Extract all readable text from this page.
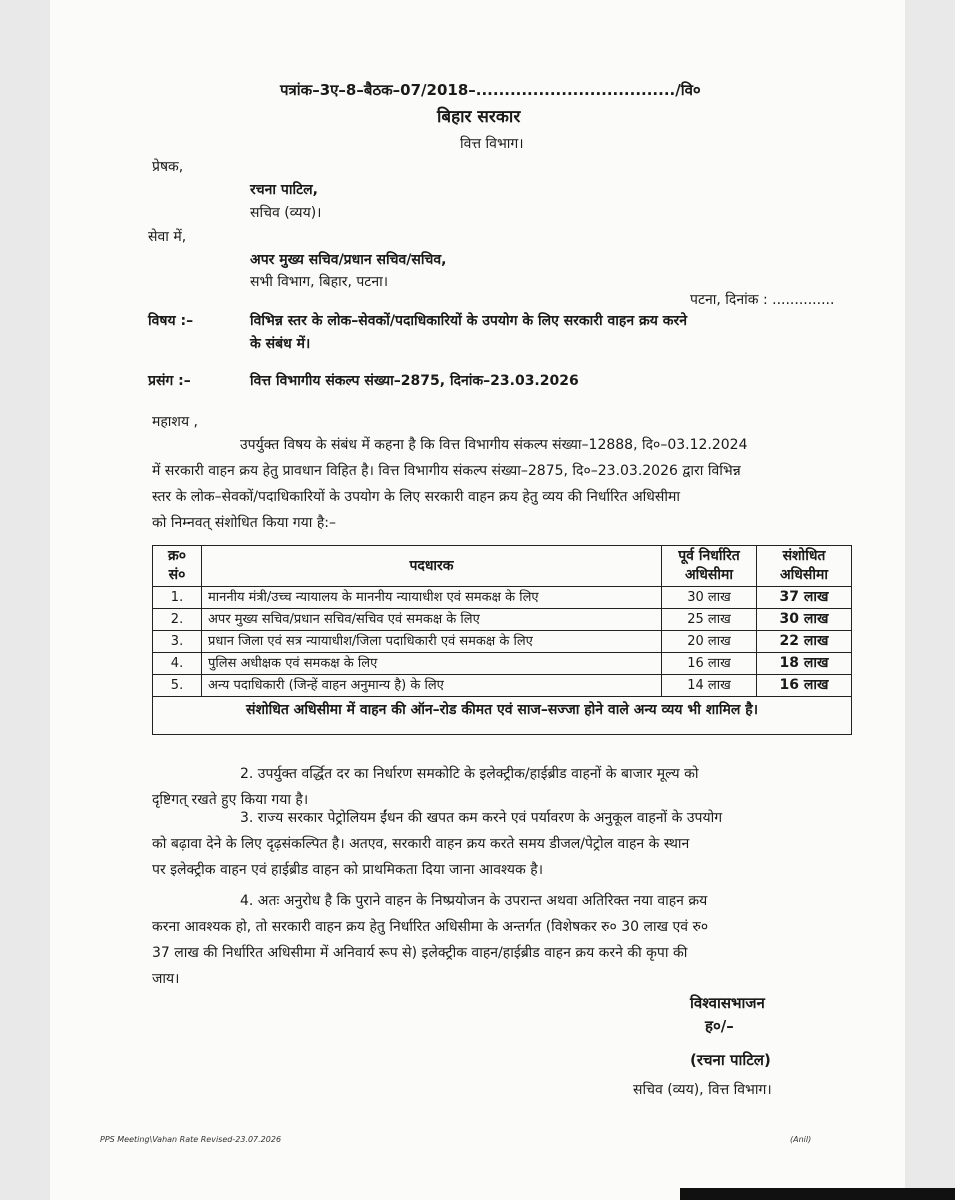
पत्रांक–3ए–8–बैठक–07/2018–.................................../वि०
बिहार सरकार
वित्त विभाग।
प्रेषक,
रचना पाटिल,
सचिव (व्यय)।
सेवा में,
अपर मुख्य सचिव/प्रधान सचिव/सचिव,
सभी विभाग, बिहार, पटना।
पटना, दिनांक : ..............
विषय :–	विभिन्न स्तर के लोक–सेवकों/पदाधिकारियों के उपयोग के लिए सरकारी वाहन क्रय करने
के संबंध में।
प्रसंग :–	वित्त विभागीय संकल्प संख्या–2875, दिनांक–23.03.2026
महाशय ,
उपर्युक्त विषय के संबंध में कहना है कि वित्त विभागीय संकल्प संख्या–12888, दि०–03.12.2024
में सरकारी वाहन क्रय हेतु प्रावधान विहित है। वित्त विभागीय संकल्प संख्या–2875, दि०–23.03.2026 द्वारा विभिन्न
स्तर के लोक–सेवकों/पदाधिकारियों के उपयोग के लिए सरकारी वाहन क्रय हेतु व्यय की निर्धारित अधिसीमा
को निम्नवत् संशोधित किया गया है:–
क्र० सं०	पदधारक	पूर्व निर्धारित अधिसीमा	संशोधित अधिसीमा
1.	माननीय मंत्री/उच्च न्यायालय के माननीय न्यायाधीश एवं समकक्ष के लिए	30 लाख	37 लाख
2.	अपर मुख्य सचिव/प्रधान सचिव/सचिव एवं समकक्ष के लिए	25 लाख	30 लाख
3.	प्रधान जिला एवं सत्र न्यायाधीश/जिला पदाधिकारी एवं समकक्ष के लिए	20 लाख	22 लाख
4.	पुलिस अधीक्षक एवं समकक्ष के लिए	16 लाख	18 लाख
5.	अन्य पदाधिकारी (जिन्हें वाहन अनुमान्य है) के लिए	14 लाख	16 लाख
संशोधित अधिसीमा में वाहन की ऑन–रोड कीमत एवं साज–सज्जा होने वाले अन्य व्यय भी शामिल है।			
2. उपर्युक्त वर्द्धित दर का निर्धारण समकोटि के इलेक्ट्रीक/हाईब्रीड वाहनों के बाजार मूल्य को
दृष्टिगत् रखते हुए किया गया है।
3. राज्य सरकार पेट्रोलियम ईंधन की खपत कम करने एवं पर्यावरण के अनुकूल वाहनों के उपयोग
को बढ़ावा देने के लिए दृढ़संकल्पित है। अतएव, सरकारी वाहन क्रय करते समय डीजल/पेट्रोल वाहन के स्थान
पर इलेक्ट्रीक वाहन एवं हाईब्रीड वाहन को प्राथमिकता दिया जाना आवश्यक है।
4. अतः अनुरोध है कि पुराने वाहन के निष्प्रयोजन के उपरान्त अथवा अतिरिक्त नया वाहन क्रय
करना आवश्यक हो, तो सरकारी वाहन क्रय हेतु निर्धारित अधिसीमा के अन्तर्गत (विशेषकर रु० 30 लाख एवं रु०
37 लाख की निर्धारित अधिसीमा में अनिवार्य रूप से) इलेक्ट्रीक वाहन/हाईब्रीड वाहन क्रय करने की कृपा की
जाय।
विश्वासभाजन
ह०/–
(रचना पाटिल)
सचिव (व्यय), वित्त विभाग।
PPS Meeting\Vahan Rate Revised-23.07.2026	(Anil)
